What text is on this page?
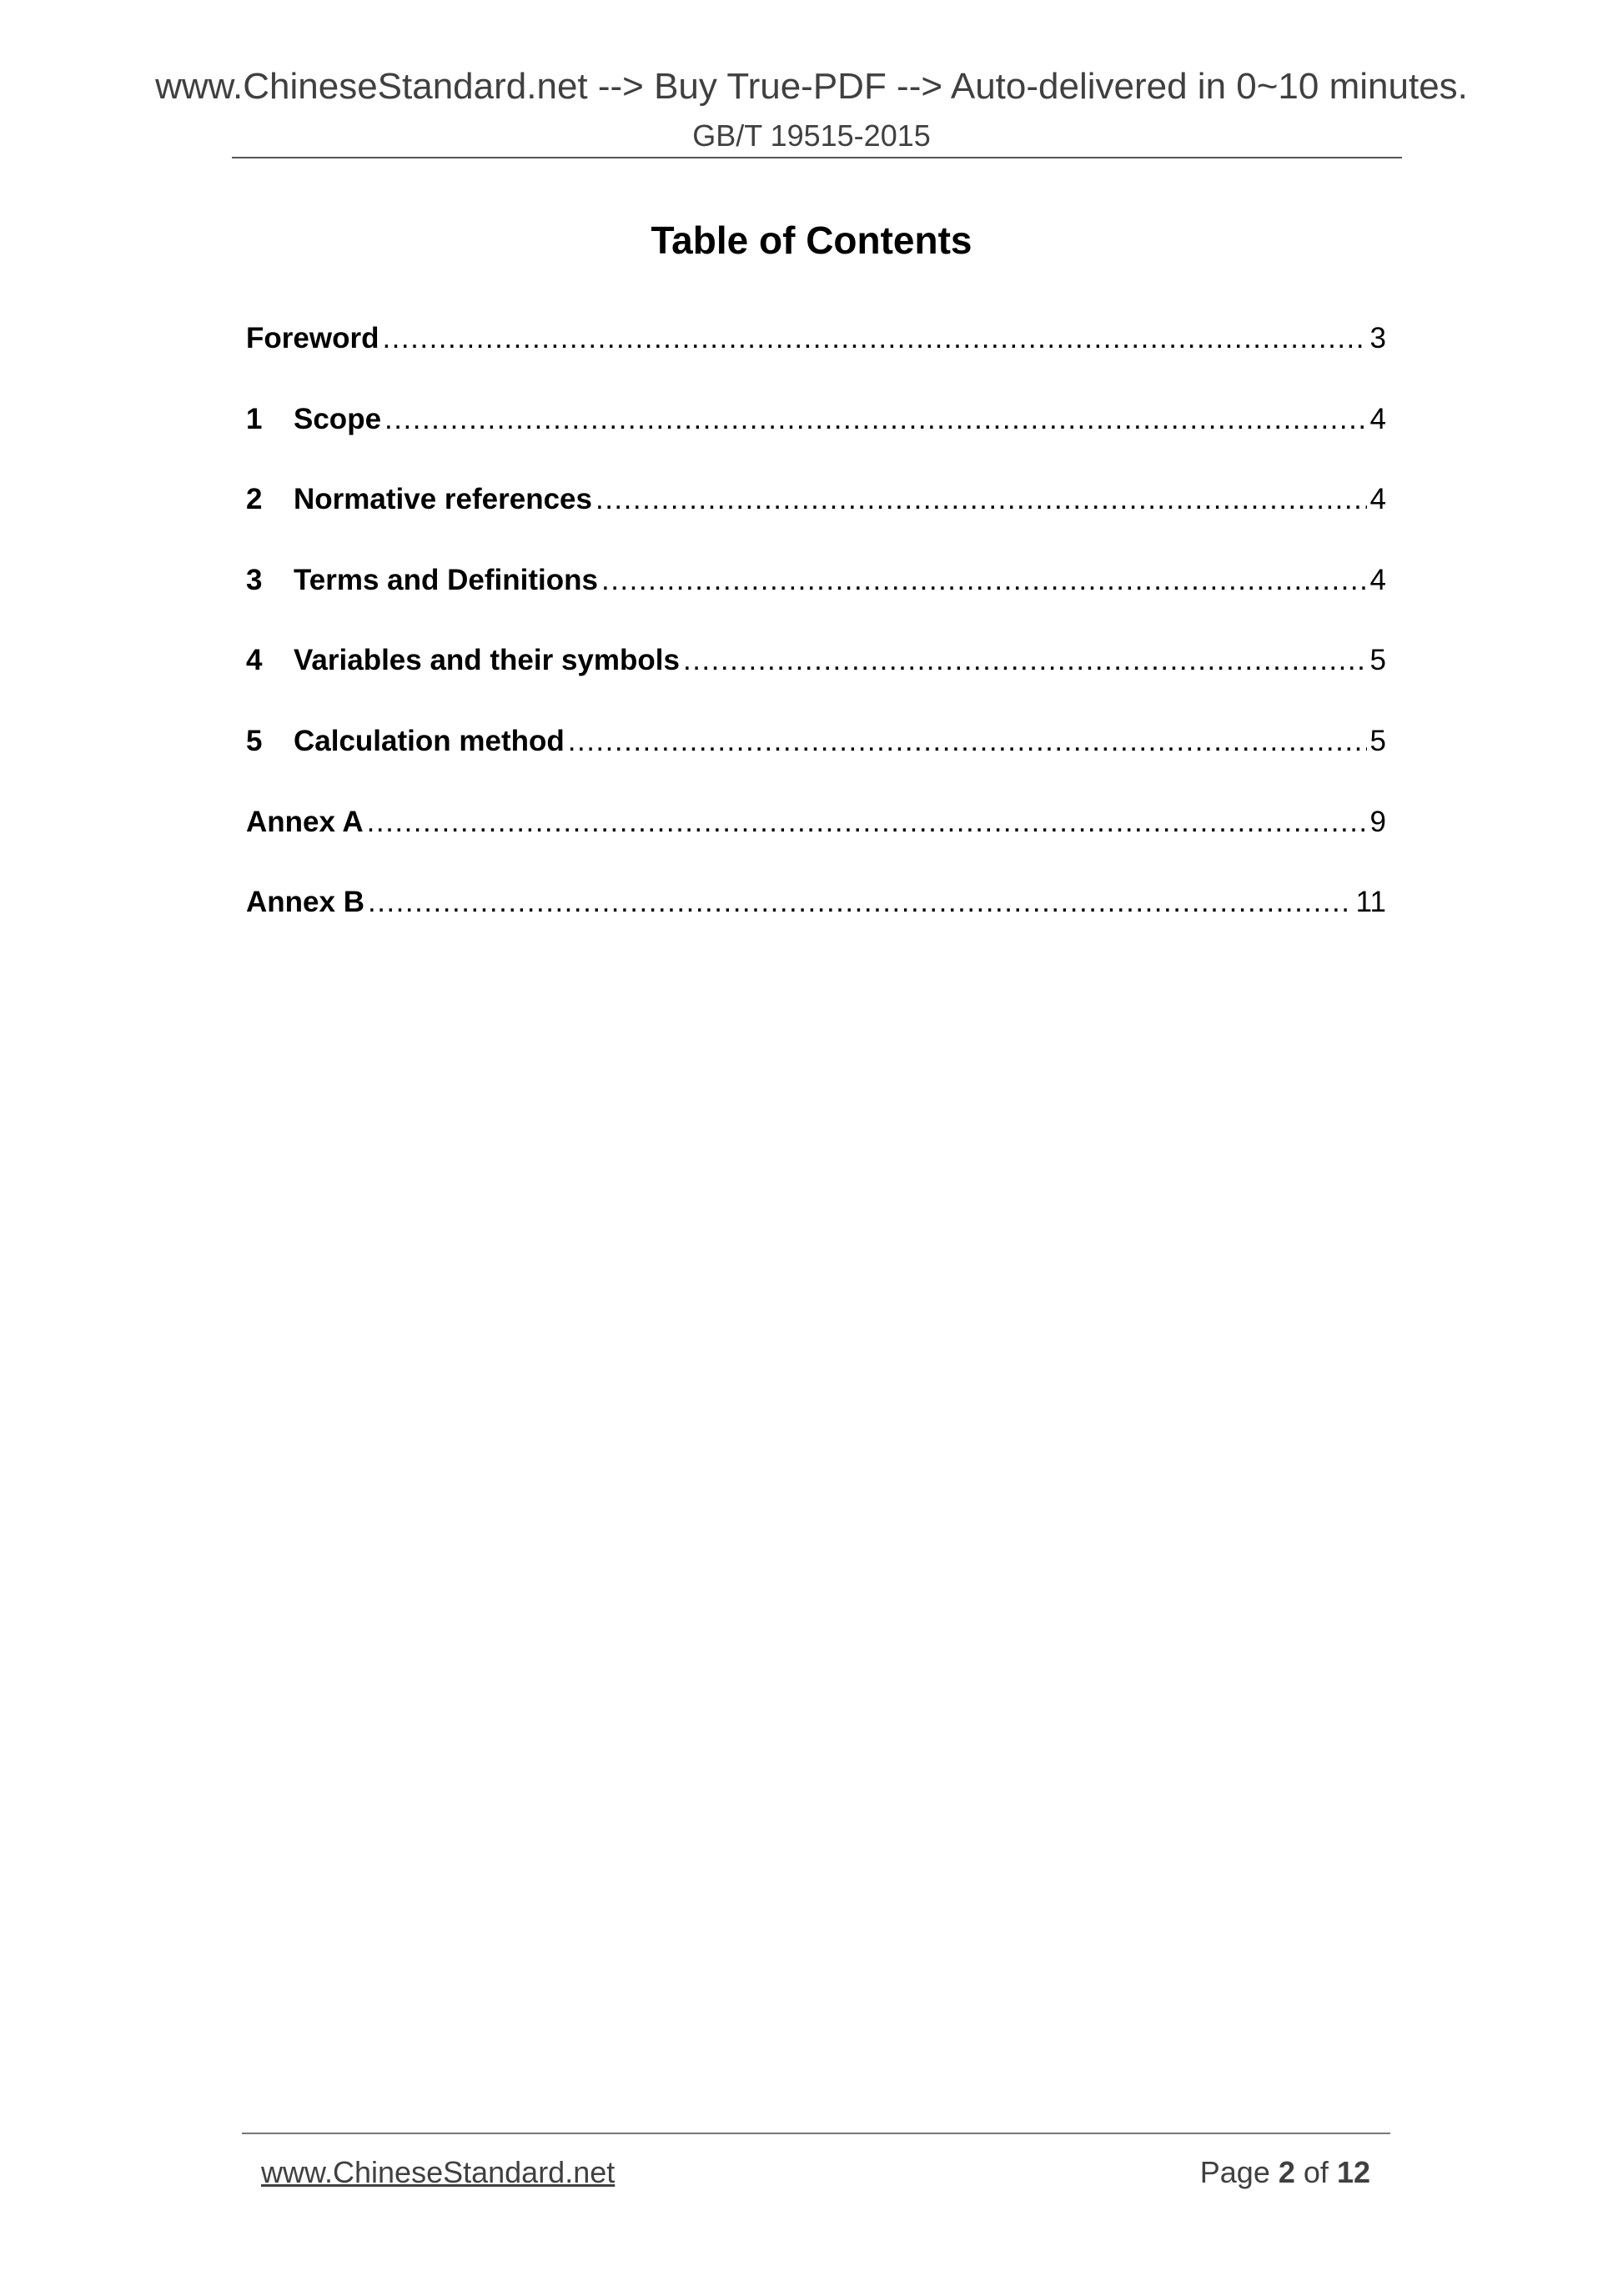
www.ChineseStandard.net --> Buy True-PDF --> Auto-delivered in 0~10 minutes.
GB/T 19515-2015
Table of Contents
Foreword .....	3
1	Scope .....	4
2	Normative references .....	4
3	Terms and Definitions .....	4
4	Variables and their symbols .....	5
5	Calculation method .....	5
Annex A .....	9
Annex B .....	11
www.ChineseStandard.net	Page 2 of 12
